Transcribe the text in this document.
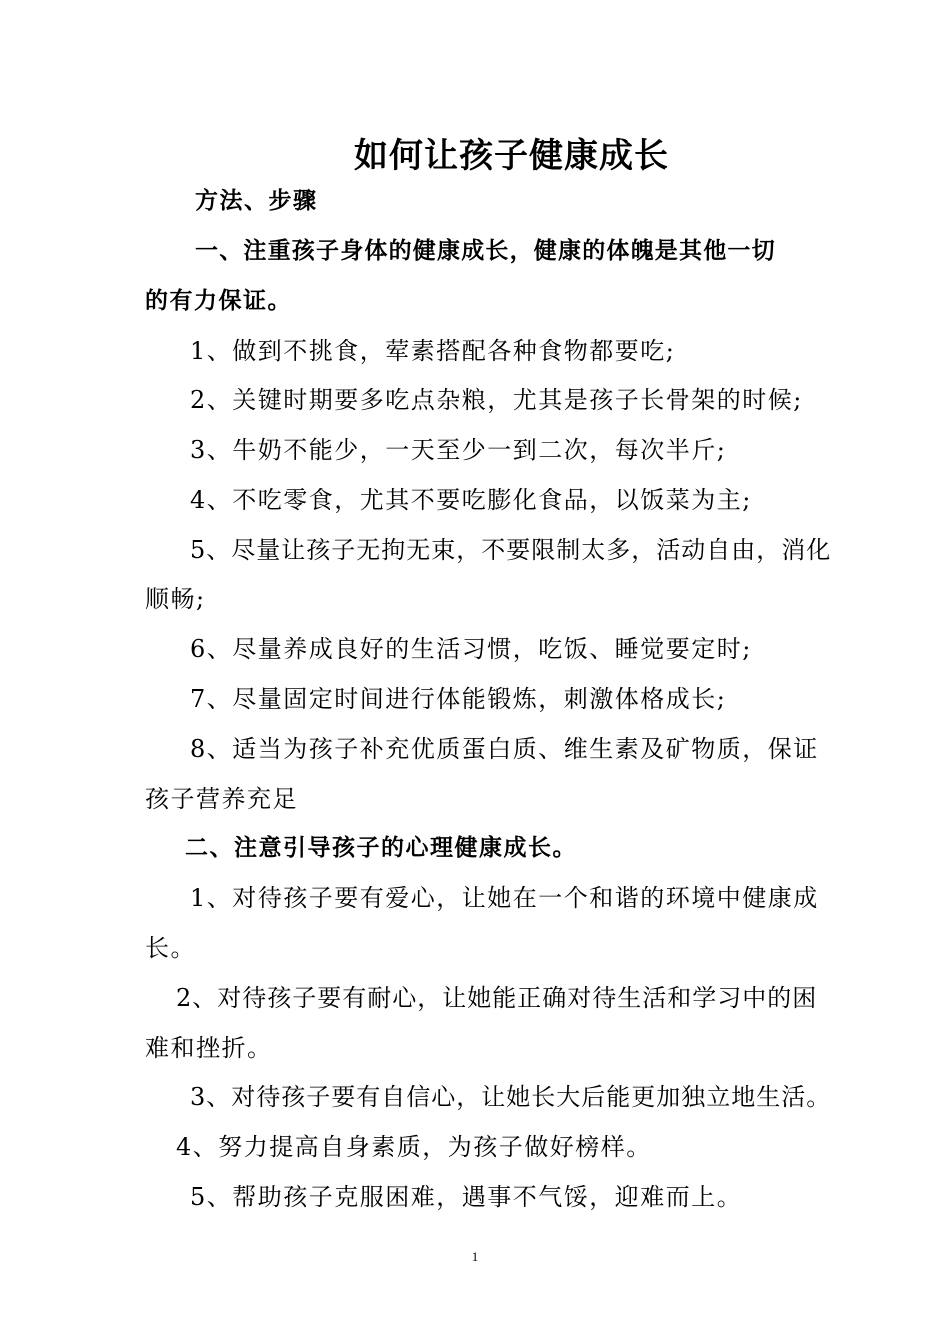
如何让孩子健康成长
方法、步骤
一、注重孩子身体的健康成长，健康的体魄是其他一切
的有力保证。
1、做到不挑食，荤素搭配各种食物都要吃;
2、关键时期要多吃点杂粮，尤其是孩子长骨架的时候;
3、牛奶不能少，一天至少一到二次，每次半斤;
4、不吃零食，尤其不要吃膨化食品，以饭菜为主;
5、尽量让孩子无拘无束，不要限制太多，活动自由，消化
顺畅;
6、尽量养成良好的生活习惯，吃饭、睡觉要定时;
7、尽量固定时间进行体能锻炼，刺激体格成长;
8、适当为孩子补充优质蛋白质、维生素及矿物质，保证
孩子营养充足
二、注意引导孩子的心理健康成长。
1、对待孩子要有爱心，让她在一个和谐的环境中健康成
长。
2、对待孩子要有耐心，让她能正确对待生活和学习中的困
难和挫折。
3、对待孩子要有自信心，让她长大后能更加独立地生活。
4、努力提高自身素质，为孩子做好榜样。
5、帮助孩子克服困难，遇事不气馁，迎难而上。
1
